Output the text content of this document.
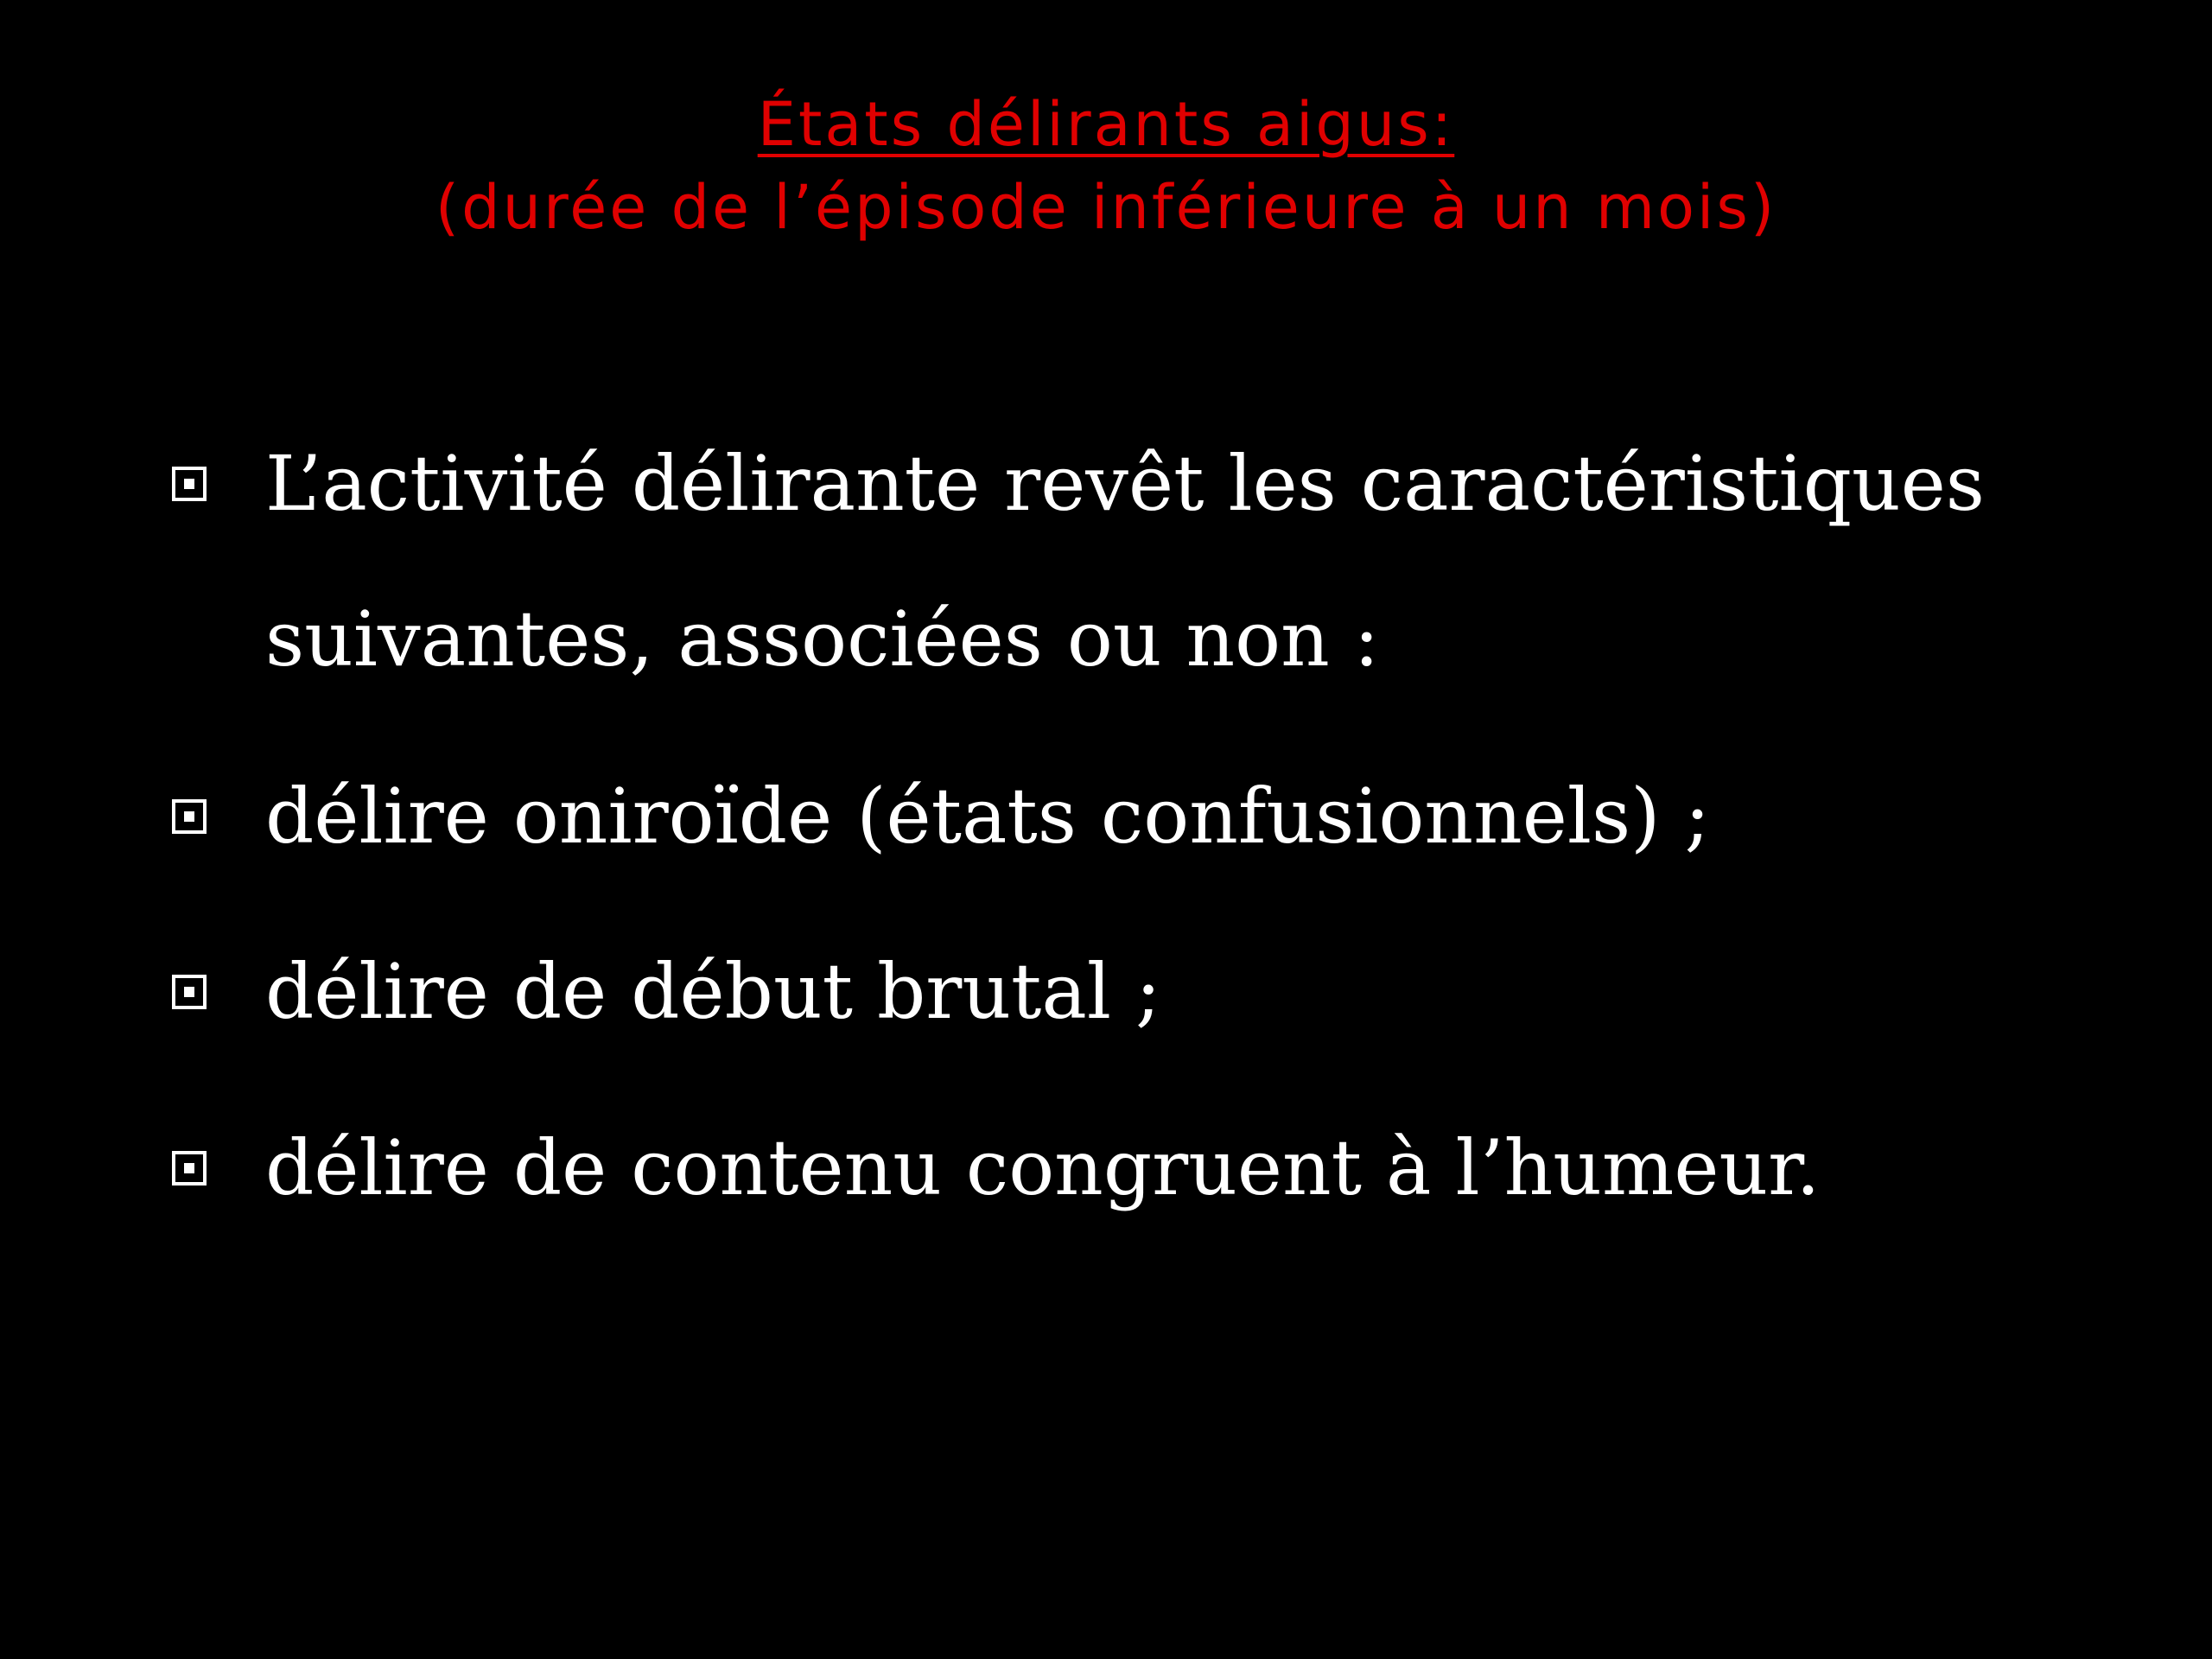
États délirants aigus:
(durée de l’épisode inférieure à un mois)
L’activité délirante revêt les caractéristiques suivantes, associées ou non :
délire oniroïde (états confusionnels) ;
délire de début brutal ;
délire de contenu congruent à l’humeur.
